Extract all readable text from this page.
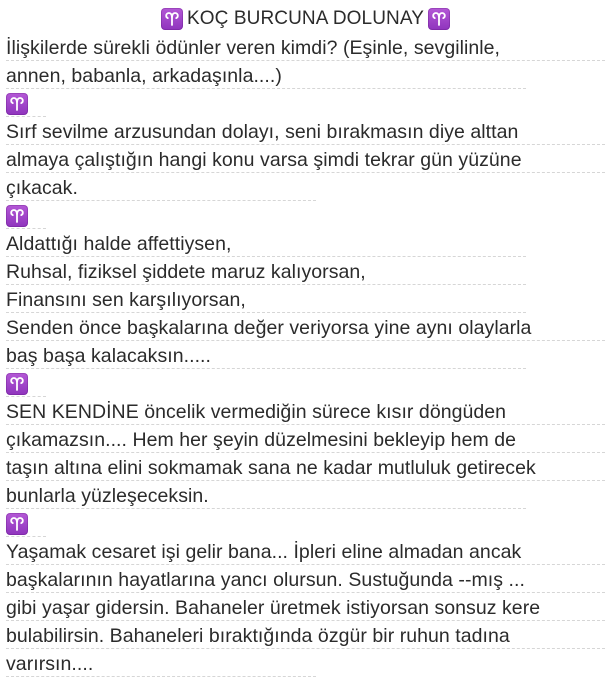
KOÇ BURCUNA DOLUNAY
İlişkilerde sürekli ödünler veren kimdi? (Eşinle, sevgilinle,
annen, babanla, arkadaşınla....)
Sırf sevilme arzusundan dolayı, seni bırakmasın diye alttan
almaya çalıştığın hangi konu varsa şimdi tekrar gün yüzüne
çıkacak.
Aldattığı halde affettiysen,
Ruhsal, fiziksel şiddete maruz kalıyorsan,
Finansını sen karşılıyorsan,
Senden önce başkalarına değer veriyorsa yine aynı olaylarla
baş başa kalacaksın.....
SEN KENDİNE öncelik vermediğin sürece kısır döngüden
çıkamazsın.... Hem her şeyin düzelmesini bekleyip hem de
taşın altına elini sokmamak sana ne kadar mutluluk getirecek
bunlarla yüzleşeceksin.
Yaşamak cesaret işi gelir bana... İpleri eline almadan ancak
başkalarının hayatlarına yancı olursun. Sustuğunda --mış ...
gibi yaşar gidersin. Bahaneler üretmek istiyorsan sonsuz kere
bulabilirsin. Bahaneleri bıraktığında özgür bir ruhun tadına
varırsın....
